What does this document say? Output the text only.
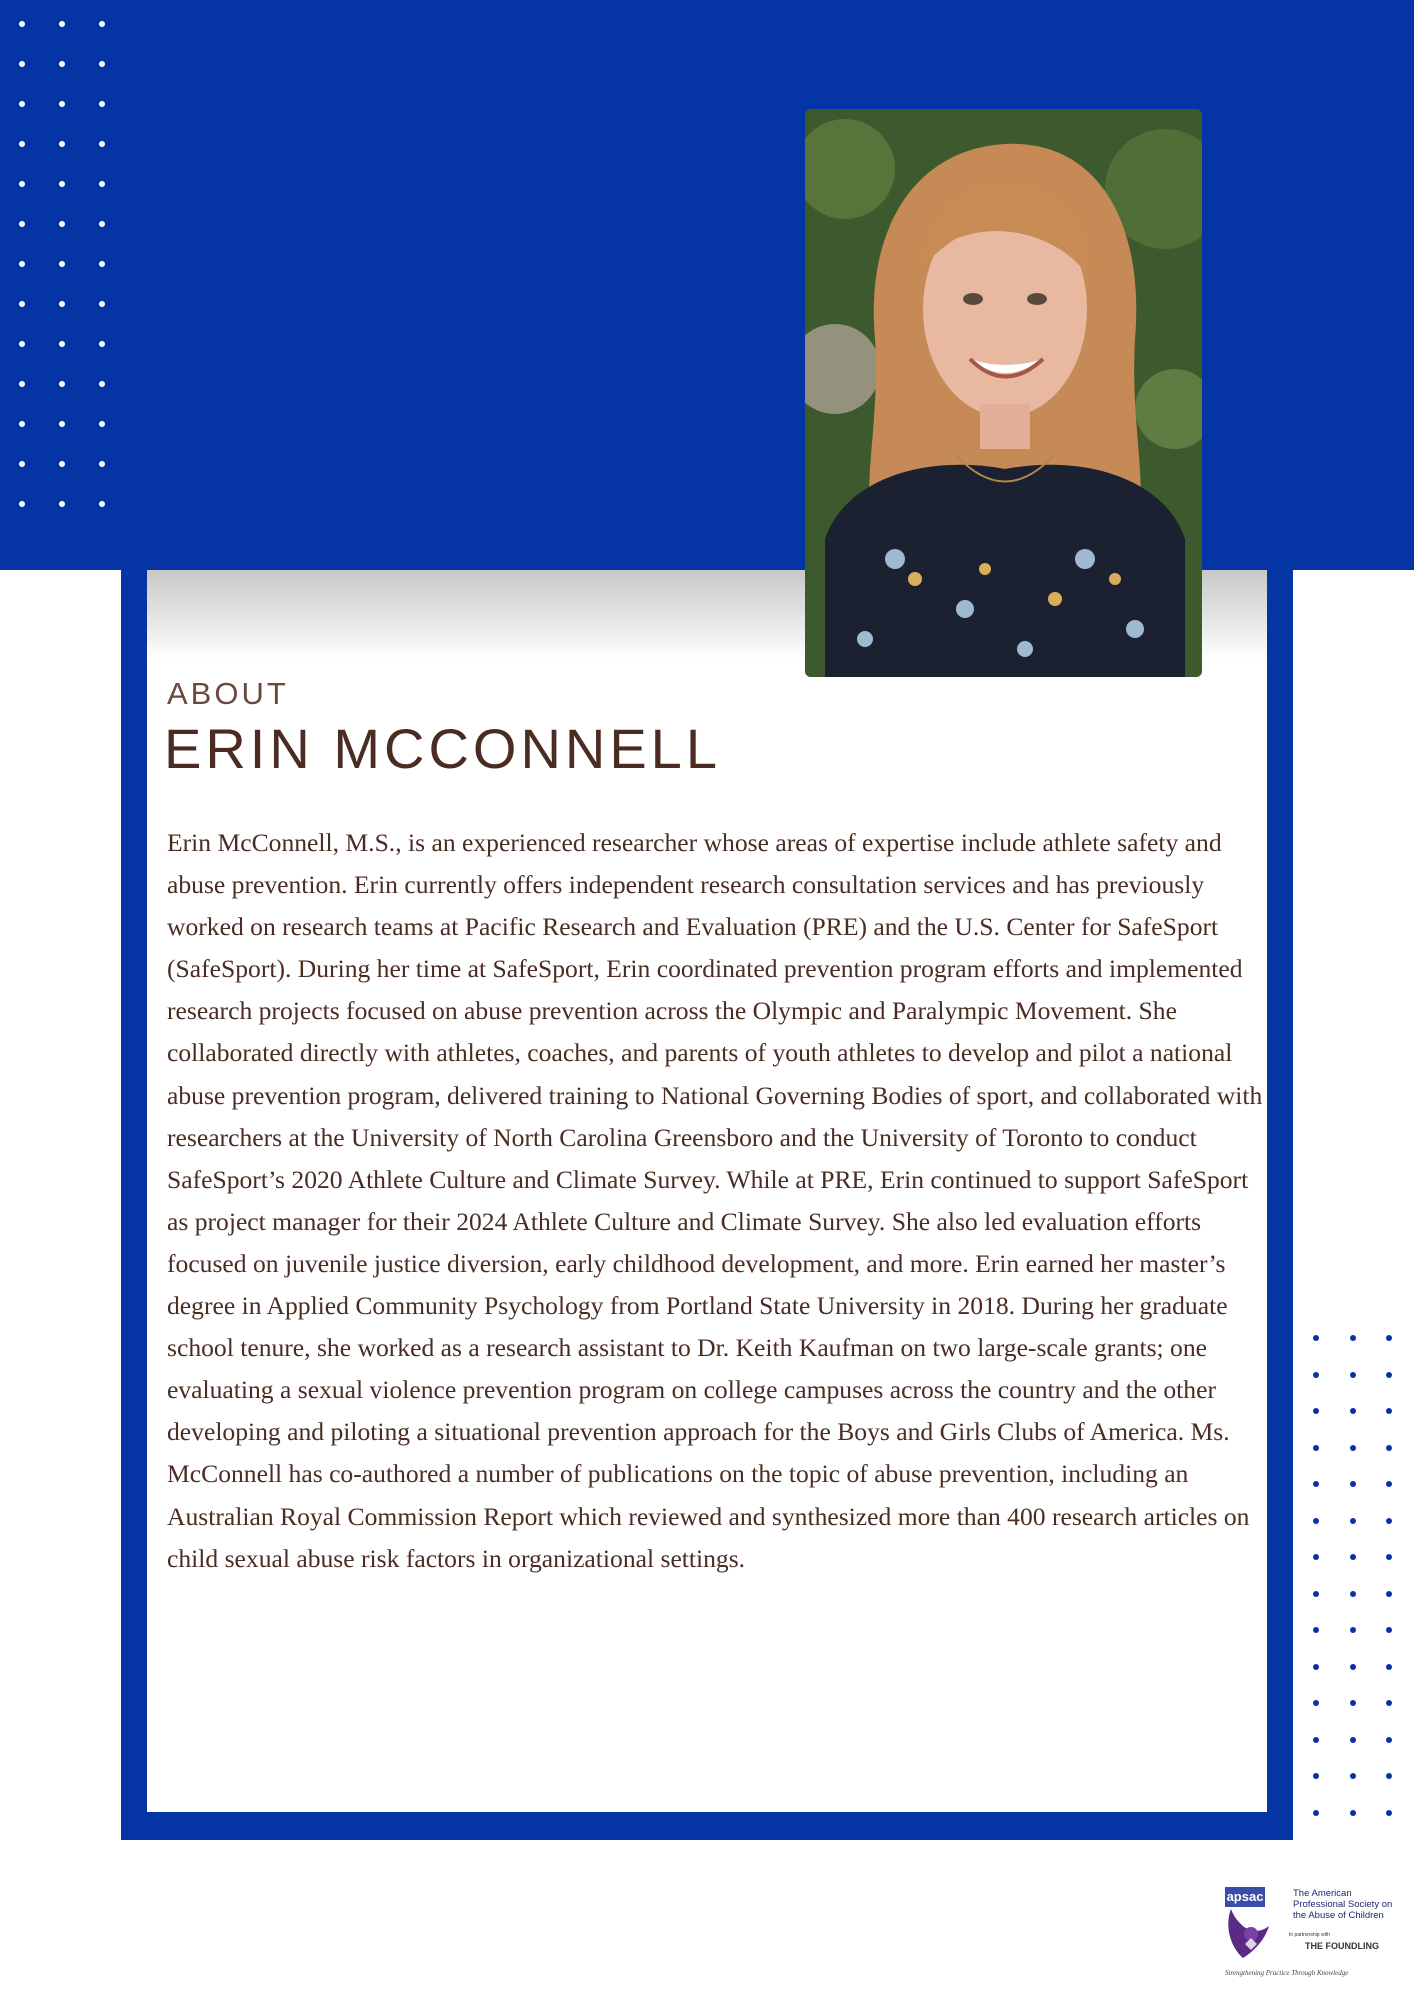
ABOUT
ERIN MCCONNELL

Erin McConnell, M.S., is an experienced researcher whose areas of expertise include athlete safety and abuse prevention. Erin currently offers independent research consultation services and has previously worked on research teams at Pacific Research and Evaluation (PRE) and the U.S. Center for SafeSport (SafeSport). During her time at SafeSport, Erin coordinated prevention program efforts and implemented research projects focused on abuse prevention across the Olympic and Paralympic Movement. She collaborated directly with athletes, coaches, and parents of youth athletes to develop and pilot a national abuse prevention program, delivered training to National Governing Bodies of sport, and collaborated with researchers at the University of North Carolina Greensboro and the University of Toronto to conduct SafeSport’s 2020 Athlete Culture and Climate Survey. While at PRE, Erin continued to support SafeSport as project manager for their 2024 Athlete Culture and Climate Survey. She also led evaluation efforts focused on juvenile justice diversion, early childhood development, and more. Erin earned her master’s degree in Applied Community Psychology from Portland State University in 2018. During her graduate school tenure, she worked as a research assistant to Dr. Keith Kaufman on two large-scale grants; one evaluating a sexual violence prevention program on college campuses across the country and the other developing and piloting a situational prevention approach for the Boys and Girls Clubs of America. Ms. McConnell has co-authored a number of publications on the topic of abuse prevention, including an Australian Royal Commission Report which reviewed and synthesized more than 400 research articles on child sexual abuse risk factors in organizational settings.

apsac	The American Professional Society on the Abuse of Children
In partnership with
THE FOUNDLING
Strengthening Practice Through Knowledge
